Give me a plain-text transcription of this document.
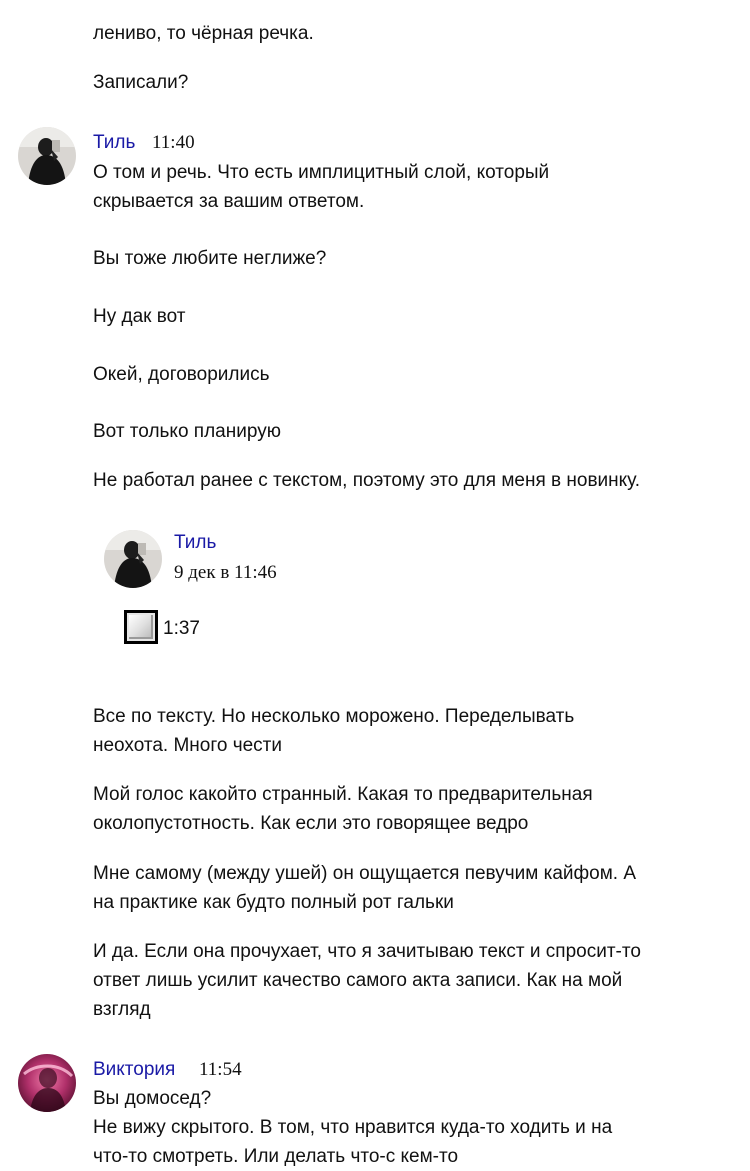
лениво, то чёрная речка.
Записали?
Тиль 11:40
О том и речь. Что есть имплицитный слой, который
скрывается за вашим ответом.
Вы тоже любите неглиже?
Ну дак вот
Окей, договорились
Вот только планирую
Не работал ранее с текстом, поэтому это для меня в новинку.
Тиль
9 дек в 11:46
1:37
Все по тексту. Но несколько морожено. Переделывать
неохота. Много чести
Мой голос какойто странный. Какая то предварительная
околопустотность. Как если это говорящее ведро
Мне самому (между ушей) он ощущается певучим кайфом. А
на практике как будто полный рот гальки
И да. Если она прочухает, что я зачитываю текст и спросит-то
ответ лишь усилит качество самого акта записи. Как на мой
взгляд
Виктория 11:54
Вы домосед?
Не вижу скрытого. В том, что нравится куда-то ходить и на
что-то смотреть. Или делать что-с кем-то
